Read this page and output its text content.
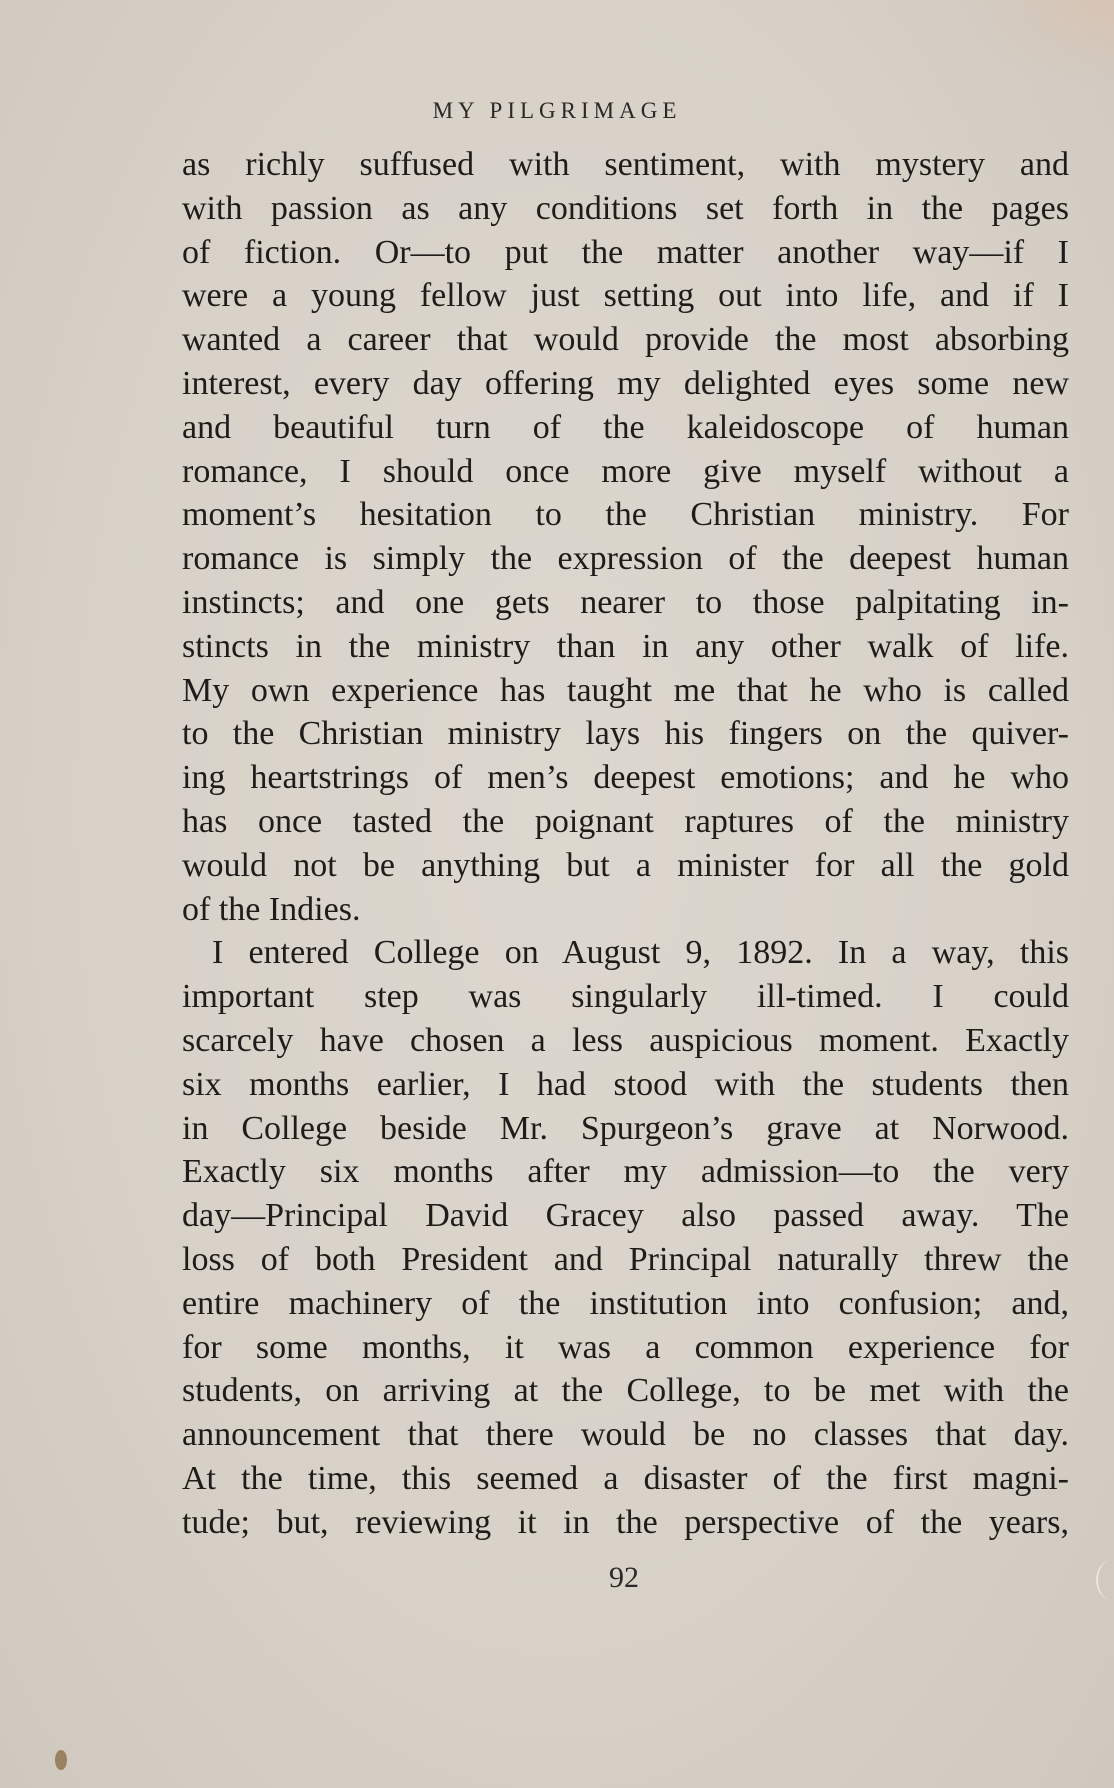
MY PILGRIMAGE
as richly suffused with sentiment, with mystery and
with passion as any conditions set forth in the pages
of fiction. Or—to put the matter another way—if I
were a young fellow just setting out into life, and if I
wanted a career that would provide the most absorbing
interest, every day offering my delighted eyes some new
and beautiful turn of the kaleidoscope of human
romance, I should once more give myself without a
moment’s hesitation to the Christian ministry. For
romance is simply the expression of the deepest human
instincts; and one gets nearer to those palpitating in-
stincts in the ministry than in any other walk of life.
My own experience has taught me that he who is called
to the Christian ministry lays his fingers on the quiver-
ing heartstrings of men’s deepest emotions; and he who
has once tasted the poignant raptures of the ministry
would not be anything but a minister for all the gold
of the Indies.
I entered College on August 9, 1892. In a way, this
important step was singularly ill-timed. I could
scarcely have chosen a less auspicious moment. Exactly
six months earlier, I had stood with the students then
in College beside Mr. Spurgeon’s grave at Norwood.
Exactly six months after my admission—to the very
day—Principal David Gracey also passed away. The
loss of both President and Principal naturally threw the
entire machinery of the institution into confusion; and,
for some months, it was a common experience for
students, on arriving at the College, to be met with the
announcement that there would be no classes that day.
At the time, this seemed a disaster of the first magni-
tude; but, reviewing it in the perspective of the years,
92
